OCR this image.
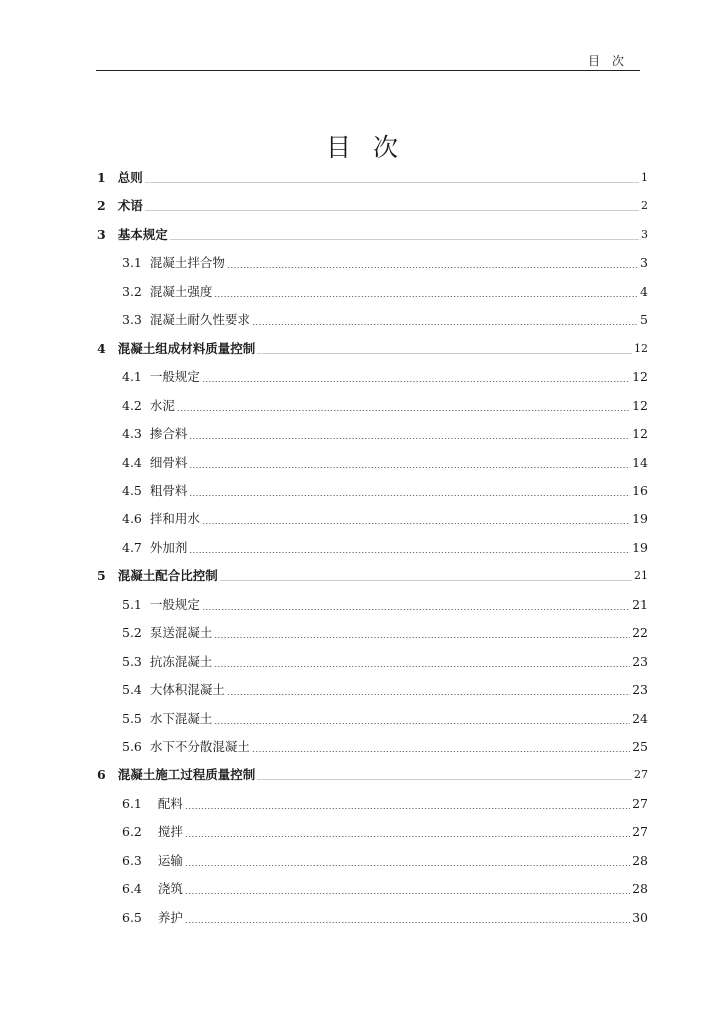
目次
目次
1 总则	1
2 术语	2
3 基本规定	3
3.1 混凝土拌合物	3
3.2 混凝土强度	4
3.3 混凝土耐久性要求	5
4 混凝土组成材料质量控制	12
4.1 一般规定	12
4.2 水泥	12
4.3 掺合料	12
4.4 细骨料	14
4.5 粗骨料	16
4.6 拌和用水	19
4.7 外加剂	19
5 混凝土配合比控制	21
5.1 一般规定	21
5.2 泵送混凝土	22
5.3 抗冻混凝土	23
5.4 大体积混凝土	23
5.5 水下混凝土	24
5.6 水下不分散混凝土	25
6 混凝土施工过程质量控制	27
6.1 配料	27
6.2 搅拌	27
6.3 运输	28
6.4 浇筑	28
6.5 养护	30
